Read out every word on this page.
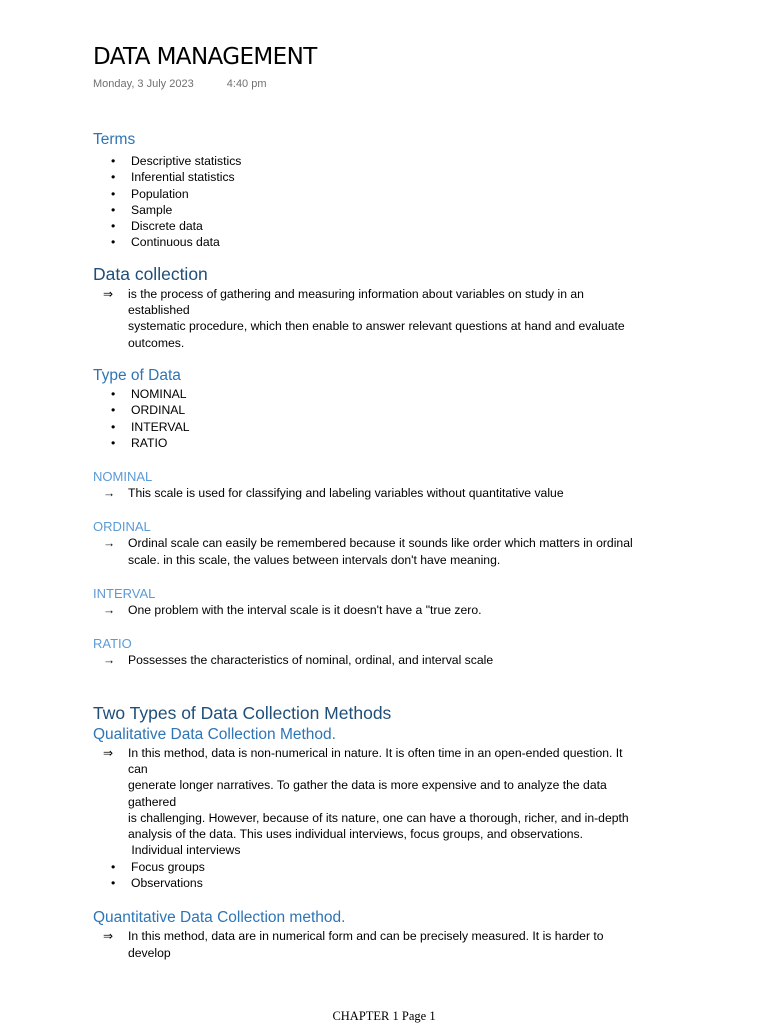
DATA MANAGEMENT
Monday, 3 July 2023	4:40 pm
Terms
• Descriptive statistics
• Inferential statistics
• Population
• Sample
• Discrete data
• Continuous data
Data collection
⇒ is the process of gathering and measuring information about variables on study in an
established
systematic procedure, which then enable to answer relevant questions at hand and evaluate
outcomes.
Type of Data
• NOMINAL
• ORDINAL
• INTERVAL
• RATIO
NOMINAL
→ This scale is used for classifying and labeling variables without quantitative value
ORDINAL
→ Ordinal scale can easily be remembered because it sounds like order which matters in ordinal
scale. in this scale, the values between intervals don't have meaning.
INTERVAL
→ One problem with the interval scale is it doesn't have a "true zero.
RATIO
→ Possesses the characteristics of nominal, ordinal, and interval scale
Two Types of Data Collection Methods
Qualitative Data Collection Method.
⇒ In this method, data is non-numerical in nature. It is often time in an open-ended question. It
can
generate longer narratives. To gather the data is more expensive and to analyze the data
gathered
is challenging. However, because of its nature, one can have a thorough, richer, and in-depth
analysis of the data. This uses individual interviews, focus groups, and observations.
Individual interviews
• Focus groups
• Observations
Quantitative Data Collection method.
⇒ In this method, data are in numerical form and can be precisely measured. It is harder to
develop
CHAPTER 1 Page 1
